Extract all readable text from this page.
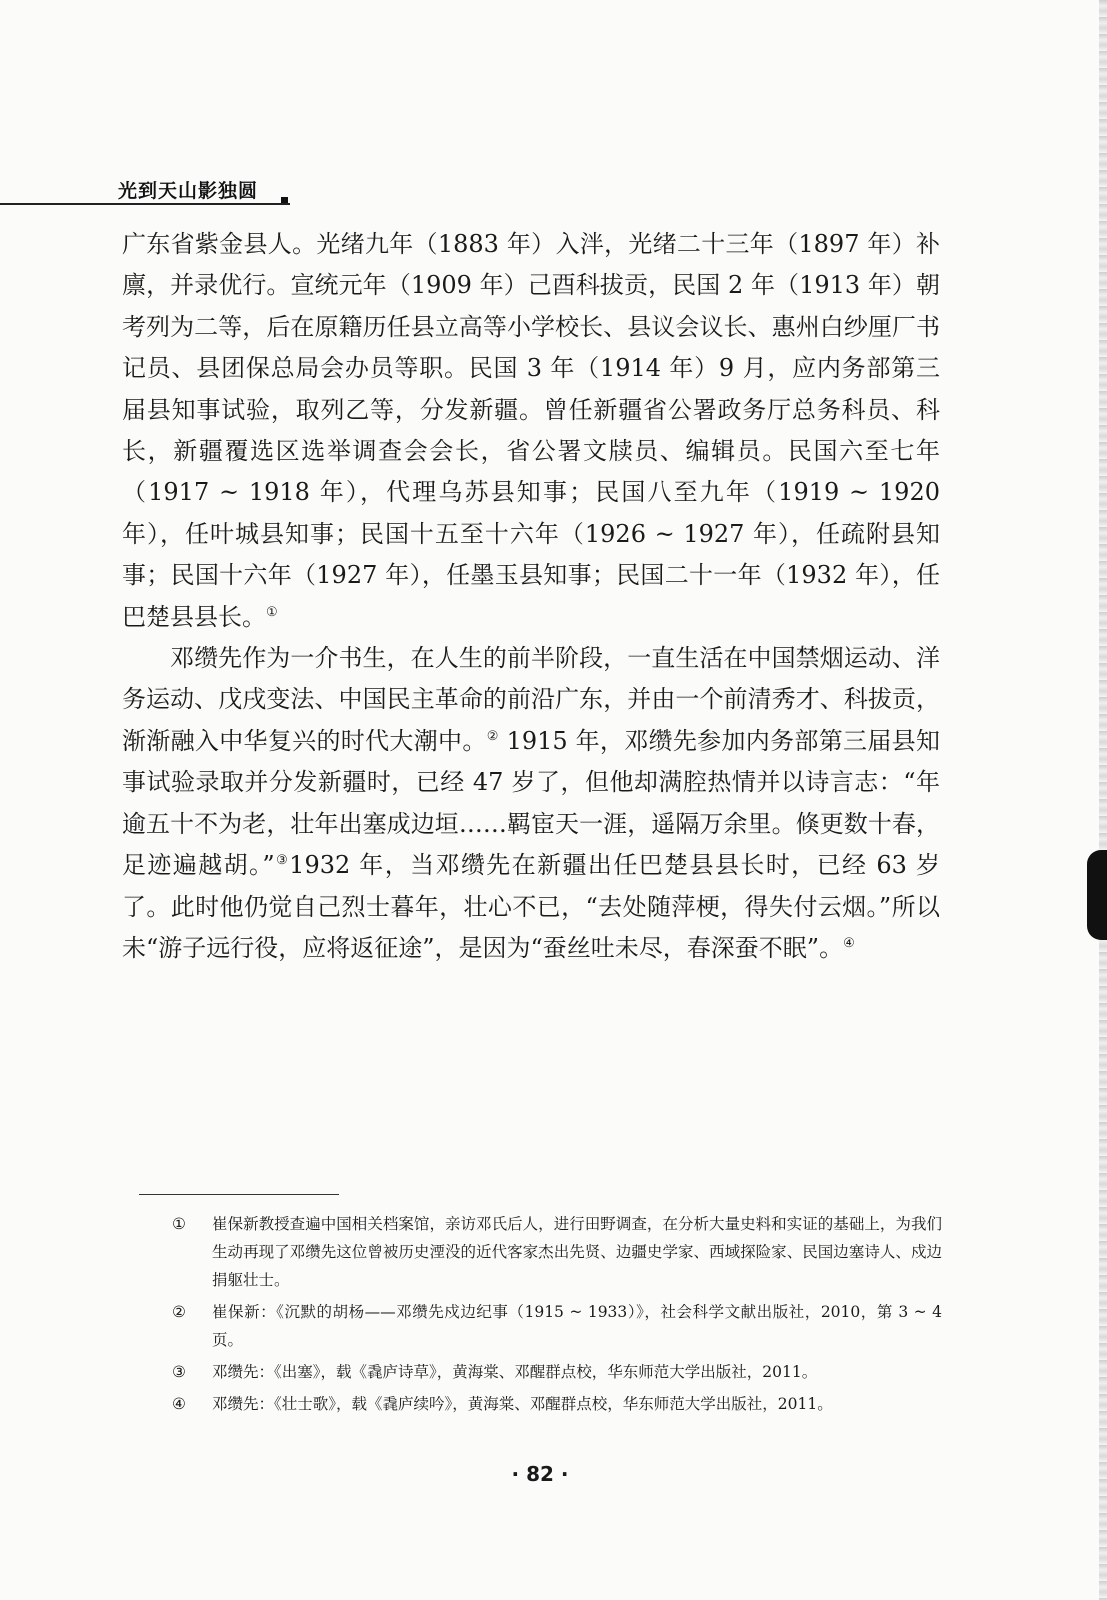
光到天山影独圆

广东省紫金县人。光绪九年（1883 年）入泮，光绪二十三年（1897 年）补廪，并录优行。宣统元年（1909 年）己酉科拔贡，民国 2 年（1913 年）朝考列为二等，后在原籍历任县立高等小学校长、县议会议长、惠州白纱厘厂书记员、县团保总局会办员等职。民国 3 年（1914 年）9 月，应内务部第三届县知事试验，取列乙等，分发新疆。曾任新疆省公署政务厅总务科员、科长，新疆覆选区选举调查会会长，省公署文牍员、编辑员。民国六至七年（1917 ~ 1918 年），代理乌苏县知事；民国八至九年（1919 ~ 1920 年），任叶城县知事；民国十五至十六年（1926 ~ 1927 年），任疏附县知事；民国十六年（1927 年），任墨玉县知事；民国二十一年（1932 年），任巴楚县县长。①

邓缵先作为一介书生，在人生的前半阶段，一直生活在中国禁烟运动、洋务运动、戊戌变法、中国民主革命的前沿广东，并由一个前清秀才、科拔贡，渐渐融入中华复兴的时代大潮中。② 1915 年，邓缵先参加内务部第三届县知事试验录取并分发新疆时，已经 47 岁了，但他却满腔热情并以诗言志：“年逾五十不为老，壮年出塞成边垣……羁宦天一涯，遥隔万余里。倏更数十春，足迹遍越胡。”③1932 年，当邓缵先在新疆出任巴楚县县长时，已经 63 岁了。此时他仍觉自己烈士暮年，壮心不已，“去处随萍梗，得失付云烟。”所以未“游子远行役，应将返征途”，是因为“蚕丝吐未尽，春深蚕不眠”。④

① 崔保新教授查遍中国相关档案馆，亲访邓氏后人，进行田野调查，在分析大量史料和实证的基础上，为我们生动再现了邓缵先这位曾被历史湮没的近代客家杰出先贤、边疆史学家、西域探险家、民国边塞诗人、戍边捐躯壮士。
② 崔保新：《沉默的胡杨——邓缵先戍边纪事（1915 ~ 1933）》，社会科学文献出版社，2010，第 3 ~ 4 页。
③ 邓缵先：《出塞》，载《毳庐诗草》，黄海棠、邓醒群点校，华东师范大学出版社，2011。
④ 邓缵先：《壮士歌》，载《毳庐续吟》，黄海棠、邓醒群点校，华东师范大学出版社，2011。
· 82 ·
